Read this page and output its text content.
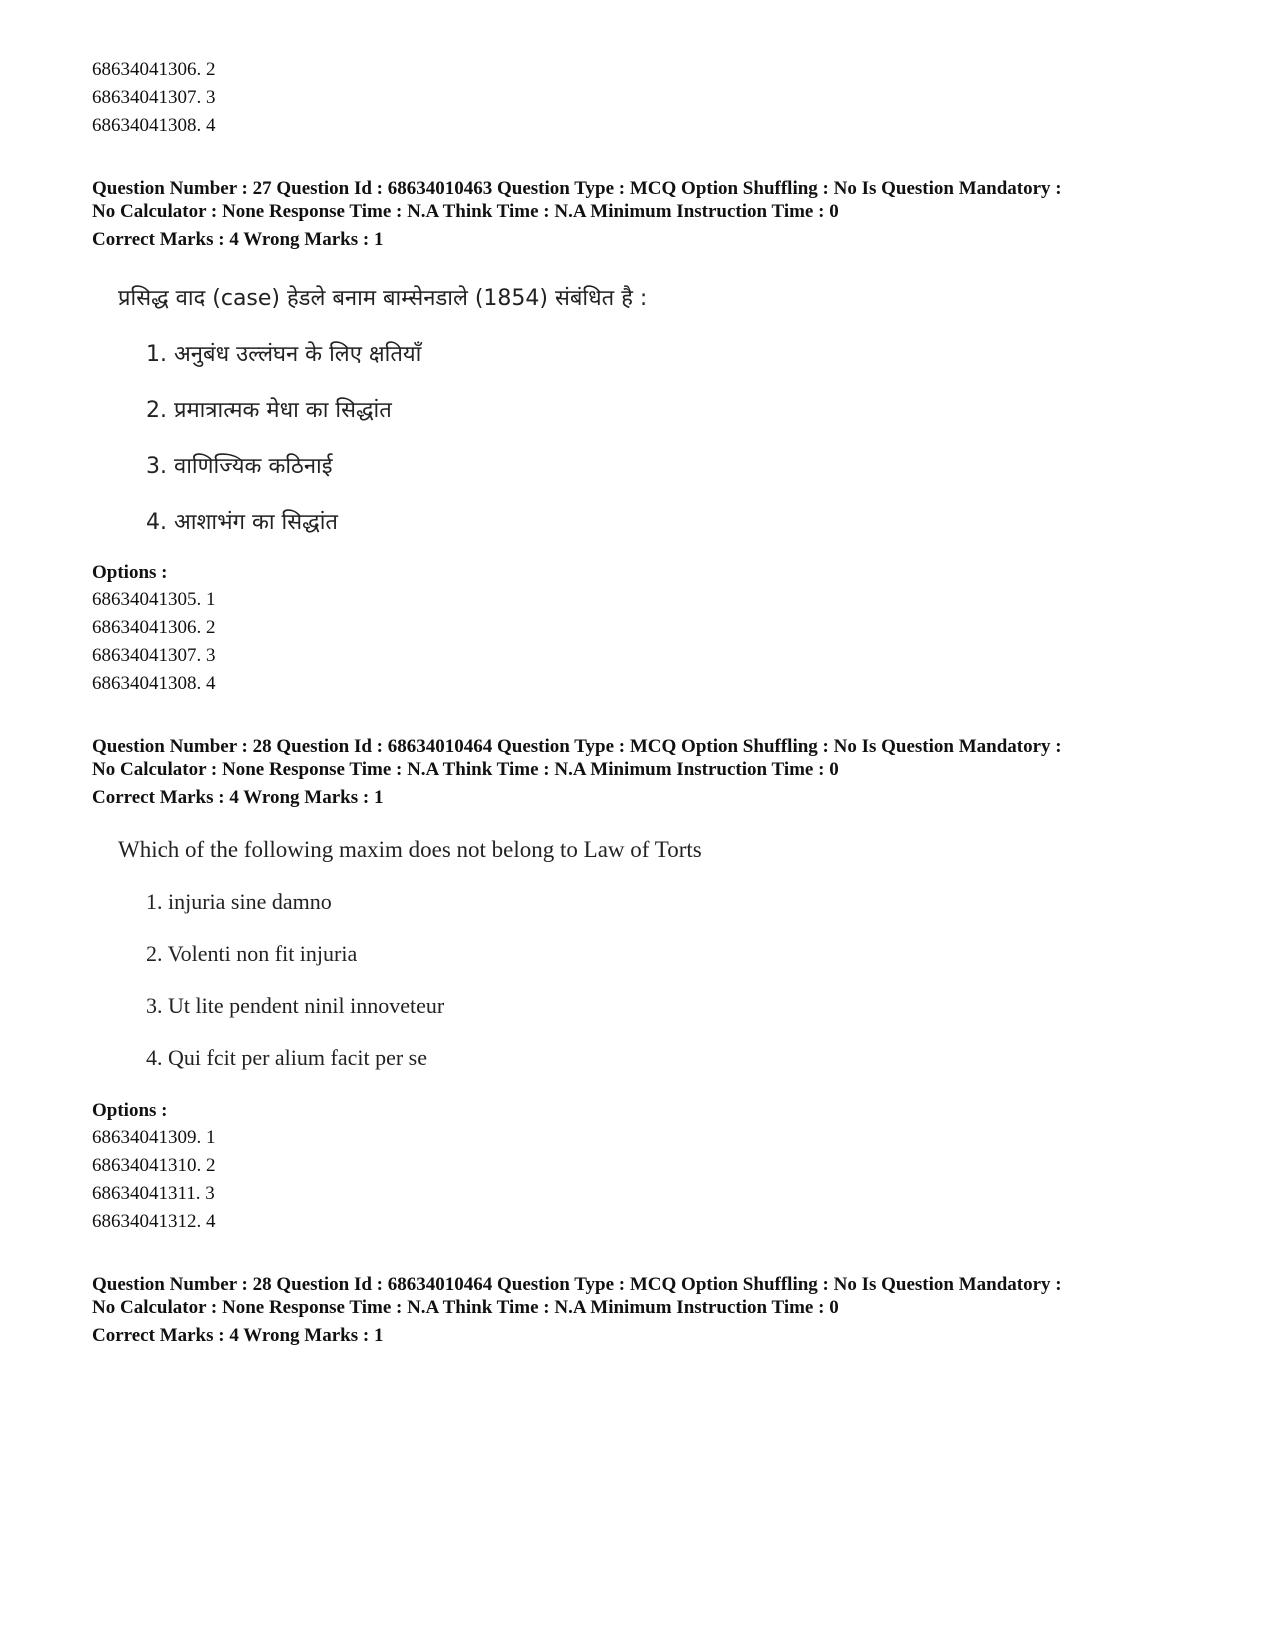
68634041306. 2
68634041307. 3
68634041308. 4
Question Number : 27 Question Id : 68634010463 Question Type : MCQ Option Shuffling : No Is Question Mandatory :
No Calculator : None Response Time : N.A Think Time : N.A Minimum Instruction Time : 0
Correct Marks : 4 Wrong Marks : 1
प्रसिद्ध वाद (case) हेडले बनाम बाम्सेनडाले (1854) संबंधित है :
1. अनुबंध उल्लंघन के लिए क्षतियाँ
2. प्रमात्रात्मक मेधा का सिद्धांत
3. वाणिज्यिक कठिनाई
4. आशाभंग का सिद्धांत
Options :
68634041305. 1
68634041306. 2
68634041307. 3
68634041308. 4
Question Number : 28 Question Id : 68634010464 Question Type : MCQ Option Shuffling : No Is Question Mandatory :
No Calculator : None Response Time : N.A Think Time : N.A Minimum Instruction Time : 0
Correct Marks : 4 Wrong Marks : 1
Which of the following maxim does not belong to Law of Torts
1. injuria sine damno
2. Volenti non fit injuria
3. Ut lite pendent ninil innoveteur
4. Qui fcit per alium facit per se
Options :
68634041309. 1
68634041310. 2
68634041311. 3
68634041312. 4
Question Number : 28 Question Id : 68634010464 Question Type : MCQ Option Shuffling : No Is Question Mandatory :
No Calculator : None Response Time : N.A Think Time : N.A Minimum Instruction Time : 0
Correct Marks : 4 Wrong Marks : 1
